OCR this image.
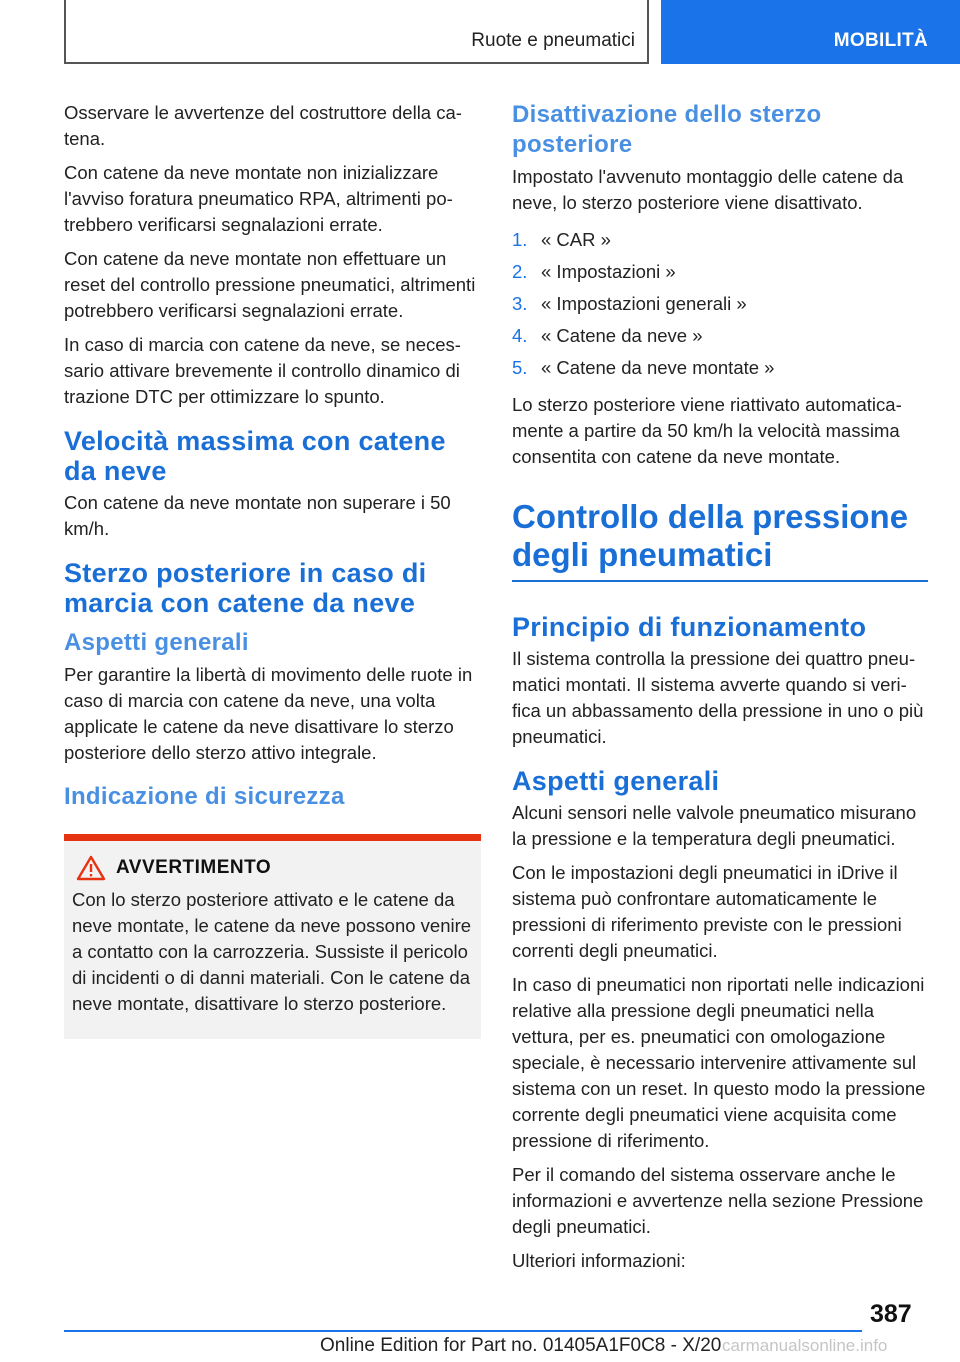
Ruote e pneumatici	MOBILITÀ

Osservare le avvertenze del costruttore della catena.

Con catene da neve montate non inizializzare l'avviso foratura pneumatico RPA, altrimenti potrebbero verificarsi segnalazioni errate.

Con catene da neve montate non effettuare un reset del controllo pressione pneumatici, altrimenti potrebbero verificarsi segnalazioni errate.

In caso di marcia con catene da neve, se necessario attivare brevemente il controllo dinamico di trazione DTC per ottimizzare lo spunto.

Velocità massima con catene da neve

Con catene da neve montate non superare i 50 km/h.

Sterzo posteriore in caso di marcia con catene da neve
Aspetti generali

Per garantire la libertà di movimento delle ruote in caso di marcia con catene da neve, una volta applicate le catene da neve disattivare lo sterzo posteriore dello sterzo attivo integrale.

Indicazione di sicurezza
AVVERTIMENTO

Con lo sterzo posteriore attivato e le catene da neve montate, le catene da neve possono venire a contatto con la carrozzeria. Sussiste il pericolo di incidenti o di danni materiali. Con le catene da neve montate, disattivare lo sterzo posteriore.

Disattivazione dello sterzo posteriore

Impostato l'avvenuto montaggio delle catene da neve, lo sterzo posteriore viene disattivato.

1. « CAR »
2. « Impostazioni »
3. « Impostazioni generali »
4. « Catene da neve »
5. « Catene da neve montate »

Lo sterzo posteriore viene riattivato automaticamente a partire da 50 km/h la velocità massima consentita con catene da neve montate.

Controllo della pressione degli pneumatici
Principio di funzionamento

Il sistema controlla la pressione dei quattro pneumatici montati. Il sistema avverte quando si verifica un abbassamento della pressione in uno o più pneumatici.

Aspetti generali

Alcuni sensori nelle valvole pneumatico misurano la pressione e la temperatura degli pneumatici.

Con le impostazioni degli pneumatici in iDrive il sistema può confrontare automaticamente le pressioni di riferimento previste con le pressioni correnti degli pneumatici.

In caso di pneumatici non riportati nelle indicazioni relative alla pressione degli pneumatici nella vettura, per es. pneumatici con omologazione speciale, è necessario intervenire attivamente sul sistema con un reset. In questo modo la pressione corrente degli pneumatici viene acquisita come pressione di riferimento.

Per il comando del sistema osservare anche le informazioni e avvertenze nella sezione Pressione degli pneumatici.

Ulteriori informazioni:

387
Online Edition for Part no. 01405A1F0C8 - X/20 carmanualsonline.info
